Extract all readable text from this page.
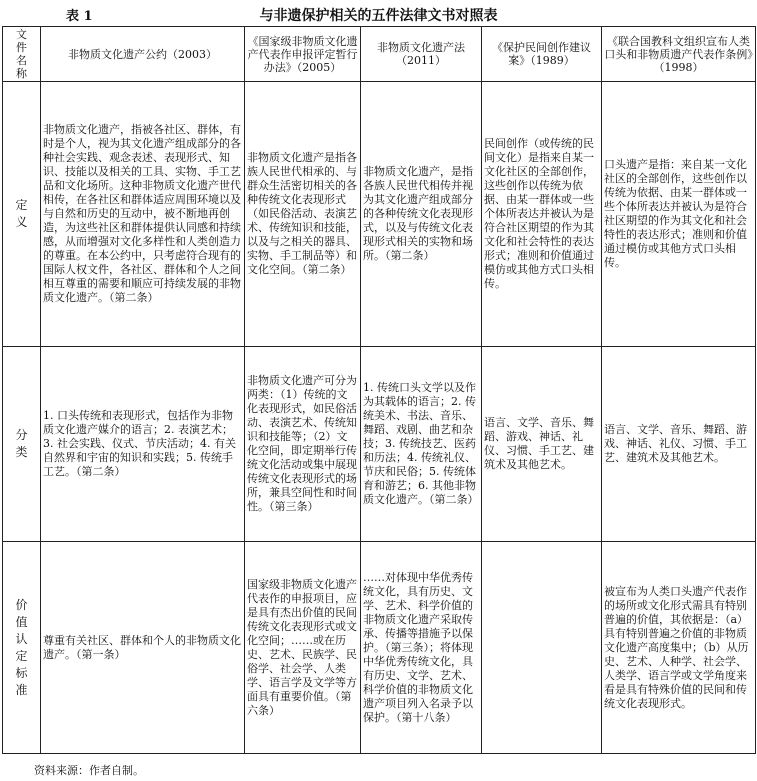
表 1	与非遗保护相关的五件法律文书对照表
文件名称	非物质文化遗产公约（2003）	《国家级非物质文化遗产代表作申报评定暂行办法》（2005）	非物质文化遗产法（2011）	《保护民间创作建议案》（1989）	《联合国教科文组织宣布人类口头和非物质遗产代表作条例》（1998）

定义	非物质文化遗产，指被各社区、群体，有时是个人，视为其文化遗产组成部分的各种社会实践、观念表述、表现形式、知识、技能以及相关的工具、实物、手工艺品和文化场所。这种非物质文化遗产世代相传，在各社区和群体适应周围环境以及与自然和历史的互动中，被不断地再创造，为这些社区和群体提供认同感和持续感，从而增强对文化多样性和人类创造力的尊重。在本公约中，只考虑符合现有的国际人权文件，各社区、群体和个人之间相互尊重的需要和顺应可持续发展的非物质文化遗产。（第二条）	非物质文化遗产是指各族人民世代相承的、与群众生活密切相关的各种传统文化表现形式（如民俗活动、表演艺术、传统知识和技能，以及与之相关的器具、实物、手工制品等）和文化空间。（第二条）	非物质文化遗产，是指各族人民世代相传并视为其文化遗产组成部分的各种传统文化表现形式，以及与传统文化表现形式相关的实物和场所。（第二条）	民间创作（或传统的民间文化）是指来自某一文化社区的全部创作，这些创作以传统为依据、由某一群体或一些个体所表达并被认为是符合社区期望的作为其文化和社会特性的表达形式；准则和价值通过模仿或其他方式口头相传。	口头遗产是指：来自某一文化社区的全部创作，这些创作以传统为依据、由某一群体或一些个体所表达并被认为是符合社区期望的作为其文化和社会特性的表达形式；准则和价值通过模仿或其他方式口头相传。

分类	1. 口头传统和表现形式，包括作为非物质文化遗产媒介的语言；2. 表演艺术；3. 社会实践、仪式、节庆活动；4. 有关自然界和宇宙的知识和实践；5. 传统手工艺。（第二条）	非物质文化遗产可分为两类：（1）传统的文化表现形式，如民俗活动、表演艺术、传统知识和技能等；（2）文化空间，即定期举行传统文化活动或集中展现传统文化表现形式的场所，兼具空间性和时间性。（第三条）	1. 传统口头文学以及作为其载体的语言；2. 传统美术、书法、音乐、舞蹈、戏剧、曲艺和杂技；3. 传统技艺、医药和历法；4. 传统礼仪、节庆和民俗；5. 传统体育和游艺；6. 其他非物质文化遗产。（第二条）	语言、文学、音乐、舞蹈、游戏、神话、礼仪、习惯、手工艺、建筑术及其他艺术。	语言、文学、音乐、舞蹈、游戏、神话、礼仪、习惯、手工艺、建筑术及其他艺术。

价值认定标准	尊重有关社区、群体和个人的非物质文化遗产。（第一条）	国家级非物质文化遗产代表作的申报项目，应是具有杰出价值的民间传统文化表现形式或文化空间；……或在历史、艺术、民族学、民俗学、社会学、人类学、语言学及文学等方面具有重要价值。（第六条）	……对体现中华优秀传统文化，具有历史、文学、艺术、科学价值的非物质文化遗产采取传承、传播等措施予以保护。（第三条）；将体现中华优秀传统文化，具有历史、文学、艺术、科学价值的非物质文化遗产项目列入名录予以保护。（第十八条）		被宣布为人类口头遗产代表作的场所或文化形式需具有特别普遍的价值，其依据是：（a）具有特别普遍之价值的非物质文化遗产高度集中；（b）从历史、艺术、人种学、社会学、人类学、语言学或文学角度来看是具有特殊价值的民间和传统文化表现形式。
资料来源：作者自制。
